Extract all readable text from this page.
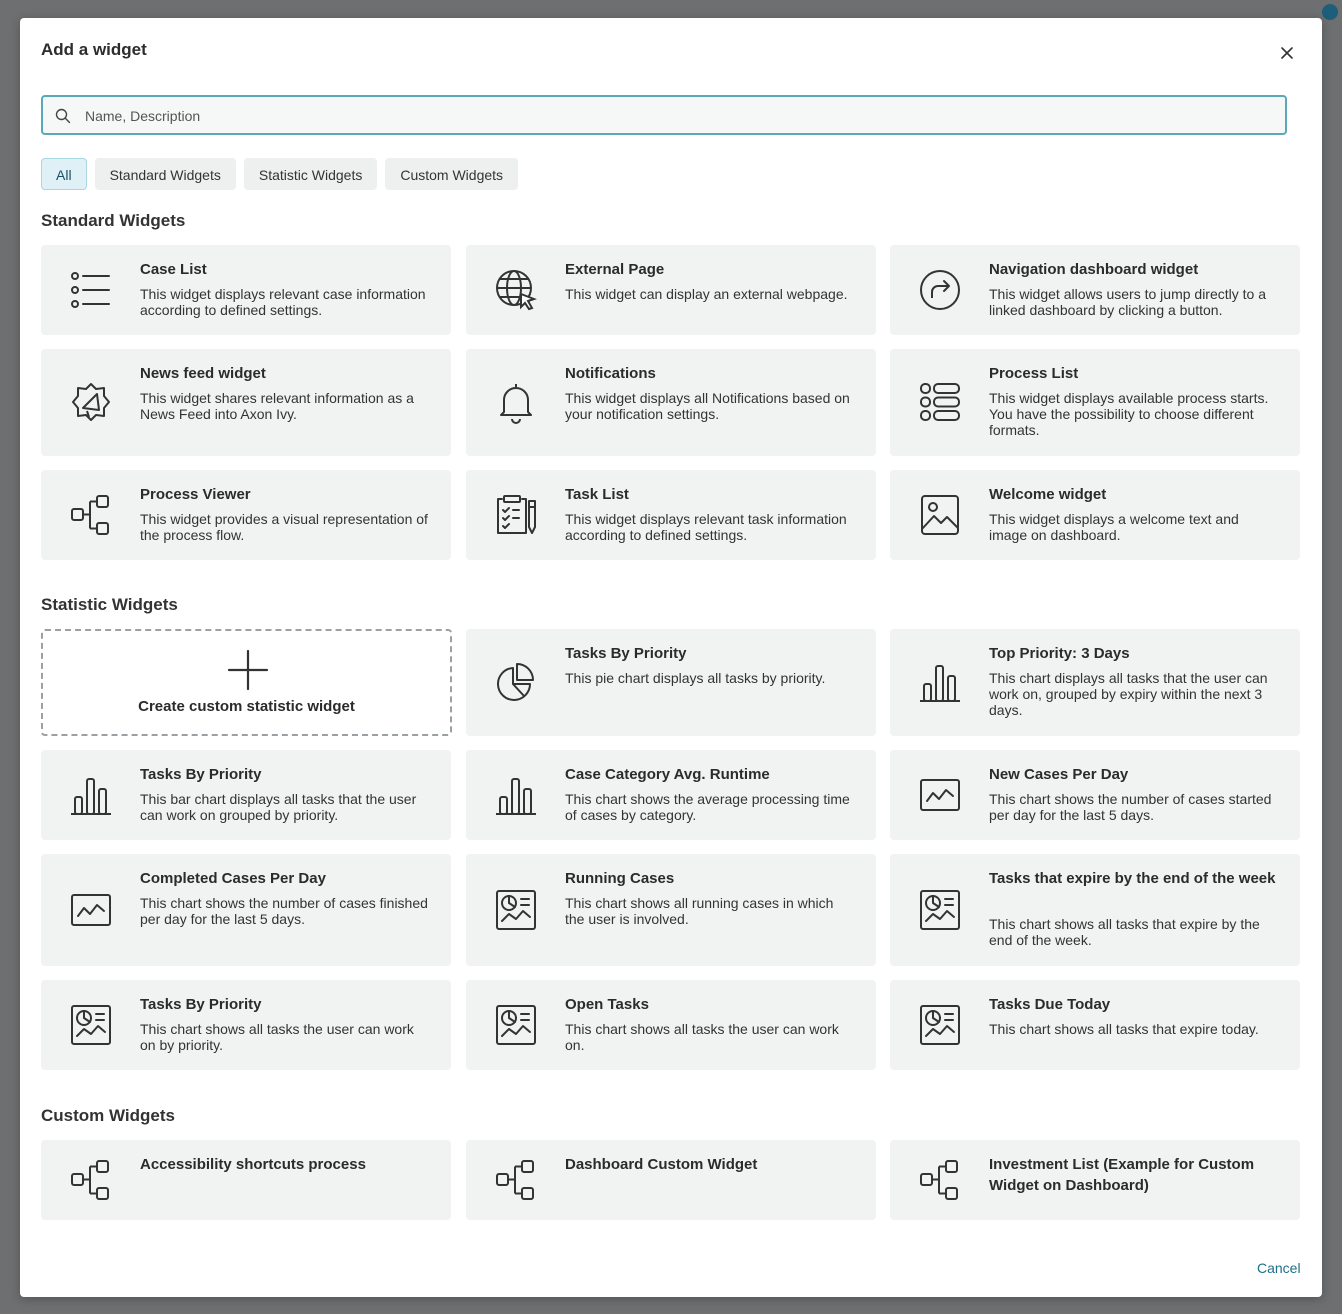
Add a widget
Name, Description
All	Standard Widgets	Statistic Widgets	Custom Widgets
Standard Widgets
Statistic Widgets
Custom Widgets
Case List
This widget displays relevant case information according to defined settings.
External Page
This widget can display an external webpage.
Navigation dashboard widget
This widget allows users to jump directly to a linked dashboard by clicking a button.
News feed widget
This widget shares relevant information as a News Feed into Axon Ivy.
Notifications
This widget displays all Notifications based on your notification settings.
Process List
This widget displays available process starts. You have the possibility to choose different formats.
Process Viewer
This widget provides a visual representation of the process flow.
Task List
This widget displays relevant task information according to defined settings.
Welcome widget
This widget displays a welcome text and image on dashboard.
Create custom statistic widget
Tasks By Priority
This pie chart displays all tasks by priority.
Top Priority: 3 Days
This chart displays all tasks that the user can work on, grouped by expiry within the next 3 days.
Tasks By Priority
This bar chart displays all tasks that the user can work on grouped by priority.
Case Category Avg. Runtime
This chart shows the average processing time of cases by category.
New Cases Per Day
This chart shows the number of cases started per day for the last 5 days.
Completed Cases Per Day
This chart shows the number of cases finished per day for the last 5 days.
Running Cases
This chart shows all running cases in which the user is involved.
Tasks that expire by the end of the week
This chart shows all tasks that expire by the end of the week.
Tasks By Priority
This chart shows all tasks the user can work on by priority.
Open Tasks
This chart shows all tasks the user can work on.
Tasks Due Today
This chart shows all tasks that expire today.
Accessibility shortcuts process	Dashboard Custom Widget	Investment List (Example for Custom Widget on Dashboard)
Cancel
